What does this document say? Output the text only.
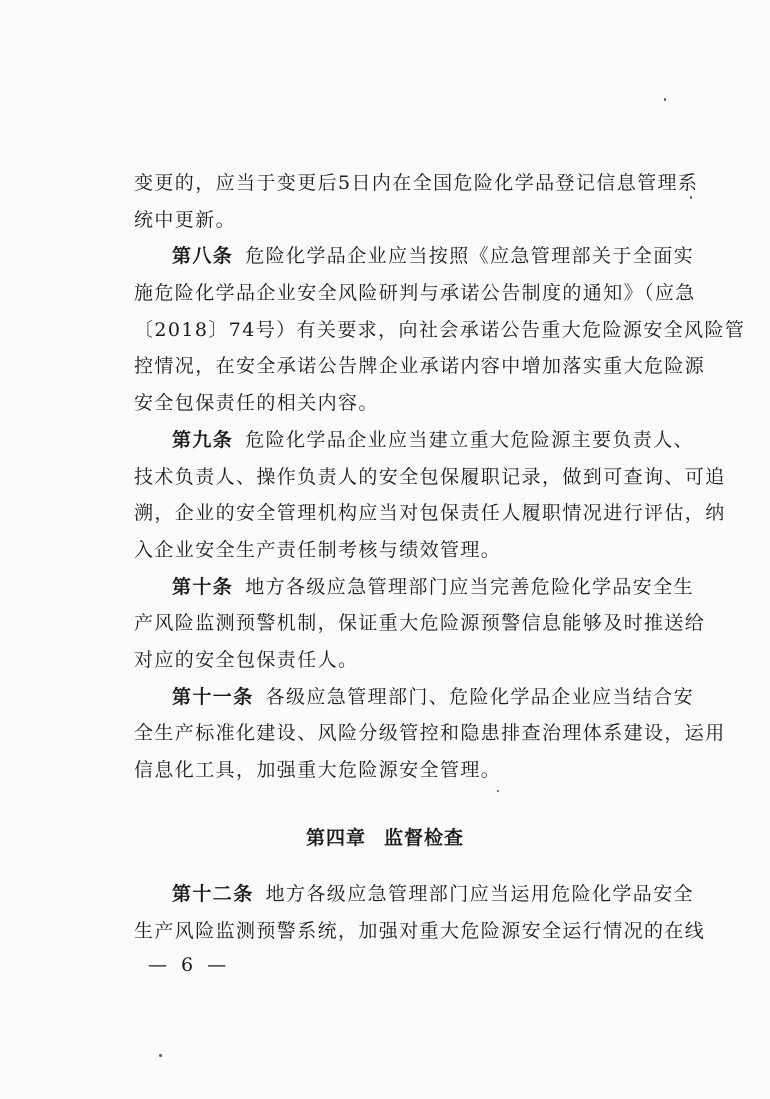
变更的，应当于变更后5日内在全国危险化学品登记信息管理系
统中更新。
第八条 危险化学品企业应当按照《应急管理部关于全面实
施危险化学品企业安全风险研判与承诺公告制度的通知》（应急
〔2018〕74号）有关要求，向社会承诺公告重大危险源安全风险管
控情况，在安全承诺公告牌企业承诺内容中增加落实重大危险源
安全包保责任的相关内容。
第九条 危险化学品企业应当建立重大危险源主要负责人、
技术负责人、操作负责人的安全包保履职记录，做到可查询、可追
溯，企业的安全管理机构应当对包保责任人履职情况进行评估，纳
入企业安全生产责任制考核与绩效管理。
第十条 地方各级应急管理部门应当完善危险化学品安全生
产风险监测预警机制，保证重大危险源预警信息能够及时推送给
对应的安全包保责任人。
第十一条 各级应急管理部门、危险化学品企业应当结合安
全生产标准化建设、风险分级管控和隐患排查治理体系建设，运用
信息化工具，加强重大危险源安全管理。
第四章 监督检查
第十二条 地方各级应急管理部门应当运用危险化学品安全
生产风险监测预警系统，加强对重大危险源安全运行情况的在线
— 6 —
